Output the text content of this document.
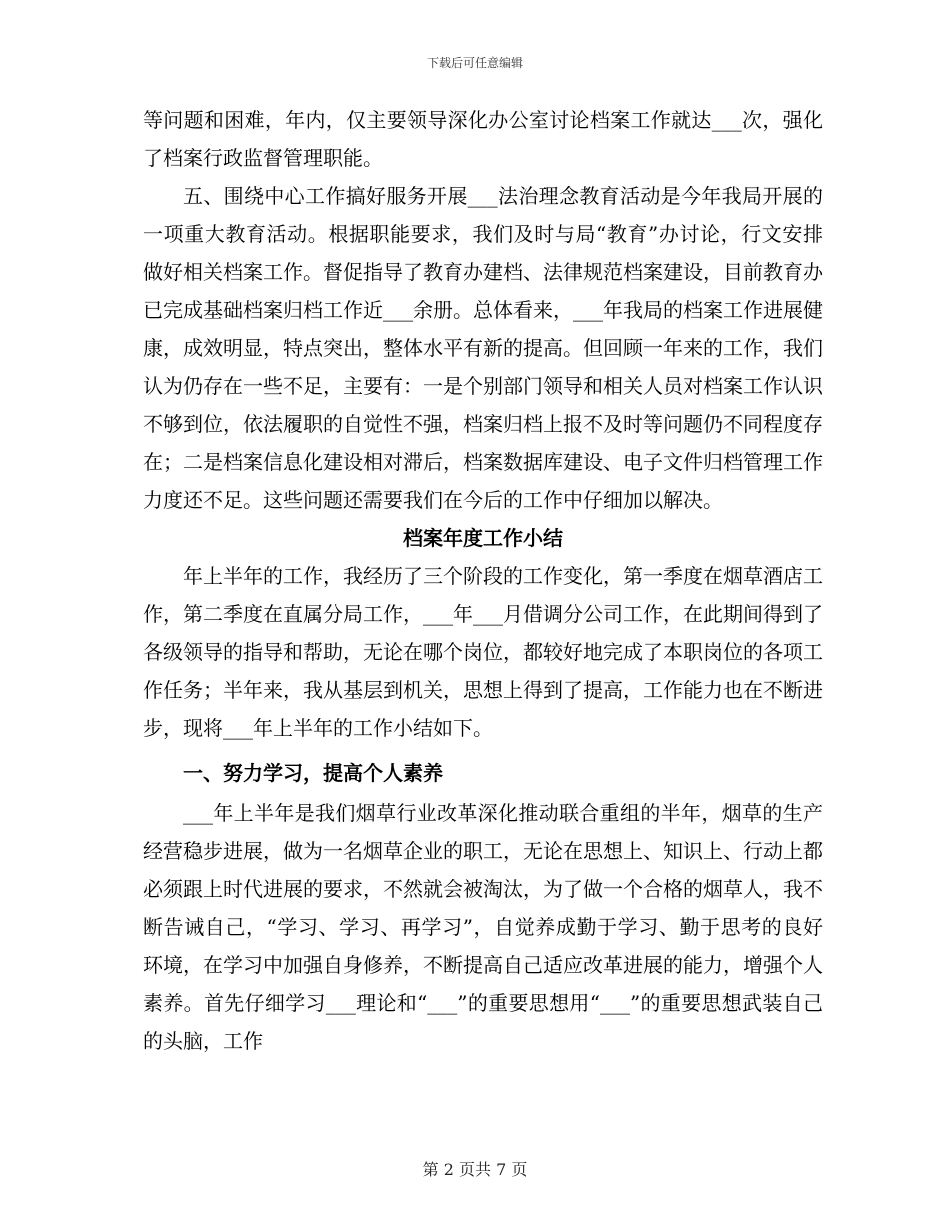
下载后可任意编辑

等问题和困难，年内，仅主要领导深化办公室讨论档案工作就达___次，强化了档案行政监督管理职能。

五、围绕中心工作搞好服务开展___法治理念教育活动是今年我局开展的一项重大教育活动。根据职能要求，我们及时与局“教育”办讨论，行文安排做好相关档案工作。督促指导了教育办建档、法律规范档案建设，目前教育办已完成基础档案归档工作近___余册。总体看来，___年我局的档案工作进展健康，成效明显，特点突出，整体水平有新的提高。但回顾一年来的工作，我们认为仍存在一些不足，主要有：一是个别部门领导和相关人员对档案工作认识不够到位，依法履职的自觉性不强，档案归档上报不及时等问题仍不同程度存在；二是档案信息化建设相对滞后，档案数据库建设、电子文件归档管理工作力度还不足。这些问题还需要我们在今后的工作中仔细加以解决。

档案年度工作小结

年上半年的工作，我经历了三个阶段的工作变化，第一季度在烟草酒店工作，第二季度在直属分局工作，___年___月借调分公司工作，在此期间得到了各级领导的指导和帮助，无论在哪个岗位，都较好地完成了本职岗位的各项工作任务；半年来，我从基层到机关，思想上得到了提高，工作能力也在不断进步，现将___年上半年的工作小结如下。

一、努力学习，提高个人素养

___年上半年是我们烟草行业改革深化推动联合重组的半年，烟草的生产经营稳步进展，做为一名烟草企业的职工，无论在思想上、知识上、行动上都必须跟上时代进展的要求，不然就会被淘汰，为了做一个合格的烟草人，我不断告诫自己，“学习、学习、再学习”，自觉养成勤于学习、勤于思考的良好环境，在学习中加强自身修养，不断提高自己适应改革进展的能力，增强个人素养。首先仔细学习___理论和“___”的重要思想用“___”的重要思想武装自己的头脑，工作

第 2 页共 7 页
